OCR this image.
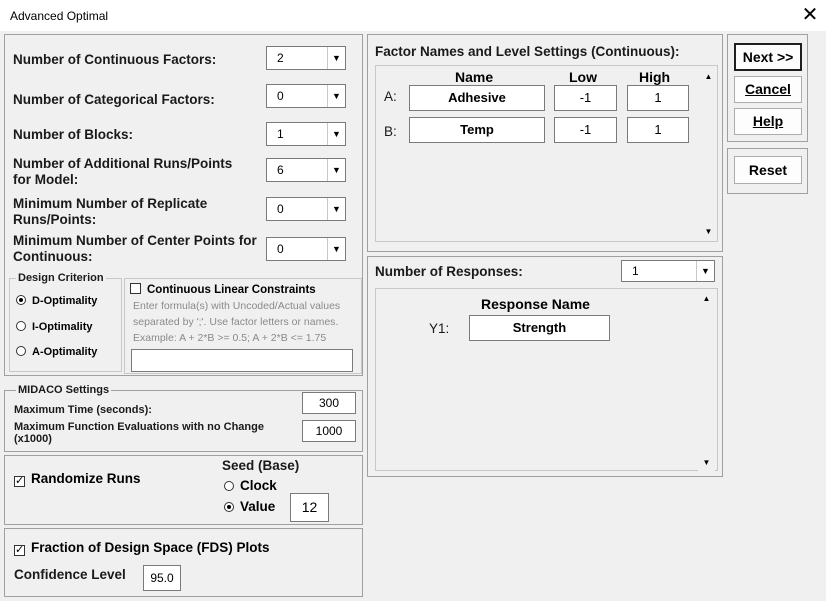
Advanced Optimal	✕
Number of Continuous Factors:	2	▼
Number of Categorical Factors:	0	▼
Number of Blocks:	1	▼
Number of Additional Runs/Points for Model:
6	▼
Minimum Number of Replicate Runs/Points:
0	▼
Minimum Number of Center Points for Continuous:	0	▼
Design Criterion
D-Optimality
I-Optimality
A-Optimality
Continuous Linear Constraints
Enter formula(s) with Uncoded/Actual values
separated by ';'. Use factor letters or names.
Example: A + 2*B >= 0.5; A + 2*B <= 1.75
MIDACO Settings
Maximum Time (seconds):	300
Maximum Function Evaluations with no Change (x1000)
1000
✓ Randomize Runs
Seed (Base)
Clock
Value	12
✓ Fraction of Design Space (FDS) Plots
Confidence Level	95.0
Factor Names and Level Settings (Continuous):
Name	Low	High
A:	Adhesive	-1	1
B:	Temp	-1	1
▲
▼
Number of Responses:	1	▼
Response Name
Y1:	Strength
▲
▼
Next >>
Cancel
Help
Reset
